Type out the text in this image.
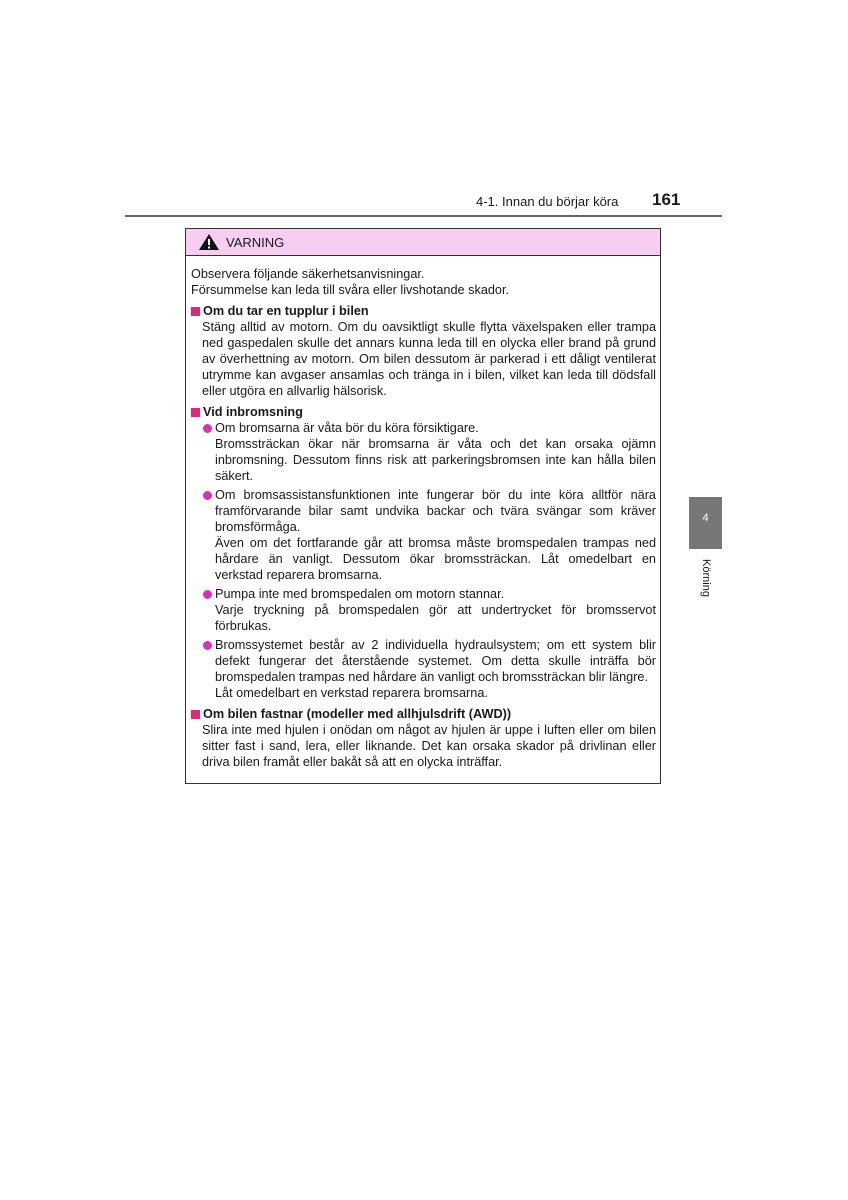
4-1. Innan du börjar köra 161
4
Körning
VARNING

Observera följande säkerhetsanvisningar.

Försummelse kan leda till svåra eller livshotande skador.

Om du tar en tupplur i bilen
Stäng alltid av motorn. Om du oavsiktligt skulle flytta växelspaken eller trampa ned gaspedalen skulle det annars kunna leda till en olycka eller brand på grund av överhettning av motorn. Om bilen dessutom är parkerad i ett dåligt ventilerat utrymme kan avgaser ansamlas och tränga in i bilen, vilket kan leda till dödsfall eller utgöra en allvarlig hälsorisk.
Vid inbromsning

Om bromsarna är våta bör du köra försiktigare.

Bromssträckan ökar när bromsarna är våta och det kan orsaka ojämn inbromsning. Dessutom finns risk att parkeringsbromsen inte kan hålla bilen säkert.

Om bromsassistansfunktionen inte fungerar bör du inte köra alltför nära framförvarande bilar samt undvika backar och tvära svängar som kräver bromsförmåga.

Även om det fortfarande går att bromsa måste bromspedalen trampas ned hårdare än vanligt. Dessutom ökar bromssträckan. Låt omedelbart en verkstad reparera bromsarna.

Pumpa inte med bromspedalen om motorn stannar.

Varje tryckning på bromspedalen gör att undertrycket för bromsservot förbrukas.

Bromssystemet består av 2 individuella hydraulsystem; om ett system blir defekt fungerar det återstående systemet. Om detta skulle inträffa bör bromspedalen trampas ned hårdare än vanligt och bromssträckan blir längre.

Låt omedelbart en verkstad reparera bromsarna.

Om bilen fastnar (modeller med allhjulsdrift (AWD))
Slira inte med hjulen i onödan om något av hjulen är uppe i luften eller om bilen sitter fast i sand, lera, eller liknande. Det kan orsaka skador på drivlinan eller driva bilen framåt eller bakåt så att en olycka inträffar.
